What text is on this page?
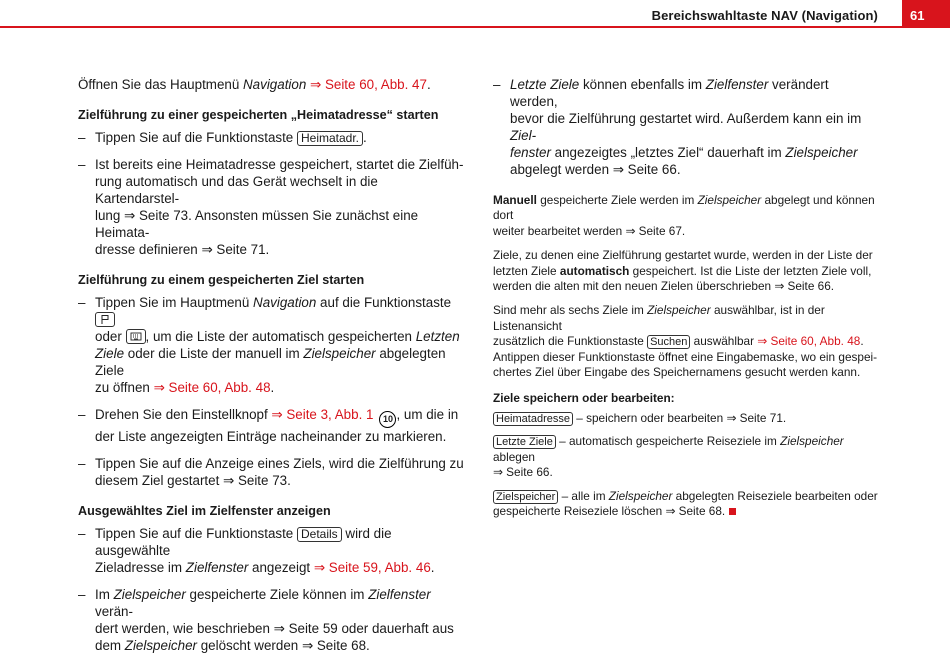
Bereichswahltaste NAV (Navigation)	61

Öffnen Sie das Hauptmenü Navigation ⇒ Seite 60, Abb. 47.

Zielführung zu einer gespeicherten „Heimatadresse“ starten

– Tippen Sie auf die Funktionstaste Heimatadr. .

– Ist bereits eine Heimatadresse gespeichert, startet die Zielfüh-
rung automatisch und das Gerät wechselt in die Kartendarstel-
lung ⇒ Seite 73. Ansonsten müssen Sie zunächst eine Heimata-
dresse definieren ⇒ Seite 71.

Zielführung zu einem gespeicherten Ziel starten

– Tippen Sie im Hauptmenü Navigation auf die Funktionstaste
oder , um die Liste der automatisch gespeicherten Letzten
Ziele oder die Liste der manuell im Zielspeicher abgelegten Ziele
zu öffnen ⇒ Seite 60, Abb. 48.

– Drehen Sie den Einstellknopf ⇒ Seite 3, Abb. 1 10 , um die in
der Liste angezeigten Einträge nacheinander zu markieren.

– Tippen Sie auf die Anzeige eines Ziels, wird die Zielführung zu
diesem Ziel gestartet ⇒ Seite 73.

Ausgewähltes Ziel im Zielfenster anzeigen

– Tippen Sie auf die Funktionstaste Details wird die ausgewählte
Zieladresse im Zielfenster angezeigt ⇒ Seite 59, Abb. 46.

– Im Zielspeicher gespeicherte Ziele können im Zielfenster verän-
dert werden, wie beschrieben ⇒ Seite 59 oder dauerhaft aus
dem Zielspeicher gelöscht werden ⇒ Seite 68.

– Letzte Ziele können ebenfalls im Zielfenster verändert werden,
bevor die Zielführung gestartet wird. Außerdem kann ein im Ziel-
fenster angezeigtes „letztes Ziel“ dauerhaft im Zielspeicher
abgelegt werden ⇒ Seite 66.

Manuell gespeicherte Ziele werden im Zielspeicher abgelegt und können dort
weiter bearbeitet werden ⇒ Seite 67.

Ziele, zu denen eine Zielführung gestartet wurde, werden in der Liste der
letzten Ziele automatisch gespeichert. Ist die Liste der letzten Ziele voll,
werden die alten mit den neuen Zielen überschrieben ⇒ Seite 66.

Sind mehr als sechs Ziele im Zielspeicher auswählbar, ist in der Listenansicht
zusätzlich die Funktionstaste Suchen auswählbar ⇒ Seite 60, Abb. 48.
Antippen dieser Funktionstaste öffnet eine Eingabemaske, wo ein gespei-
chertes Ziel über Eingabe des Speichernamens gesucht werden kann.

Ziele speichern oder bearbeiten:

Heimatadresse – speichern oder bearbeiten ⇒ Seite 71.

Letzte Ziele – automatisch gespeicherte Reiseziele im Zielspeicher ablegen
⇒ Seite 66.

Zielspeicher – alle im Zielspeicher abgelegten Reiseziele bearbeiten oder
gespeicherte Reiseziele löschen ⇒ Seite 68.
